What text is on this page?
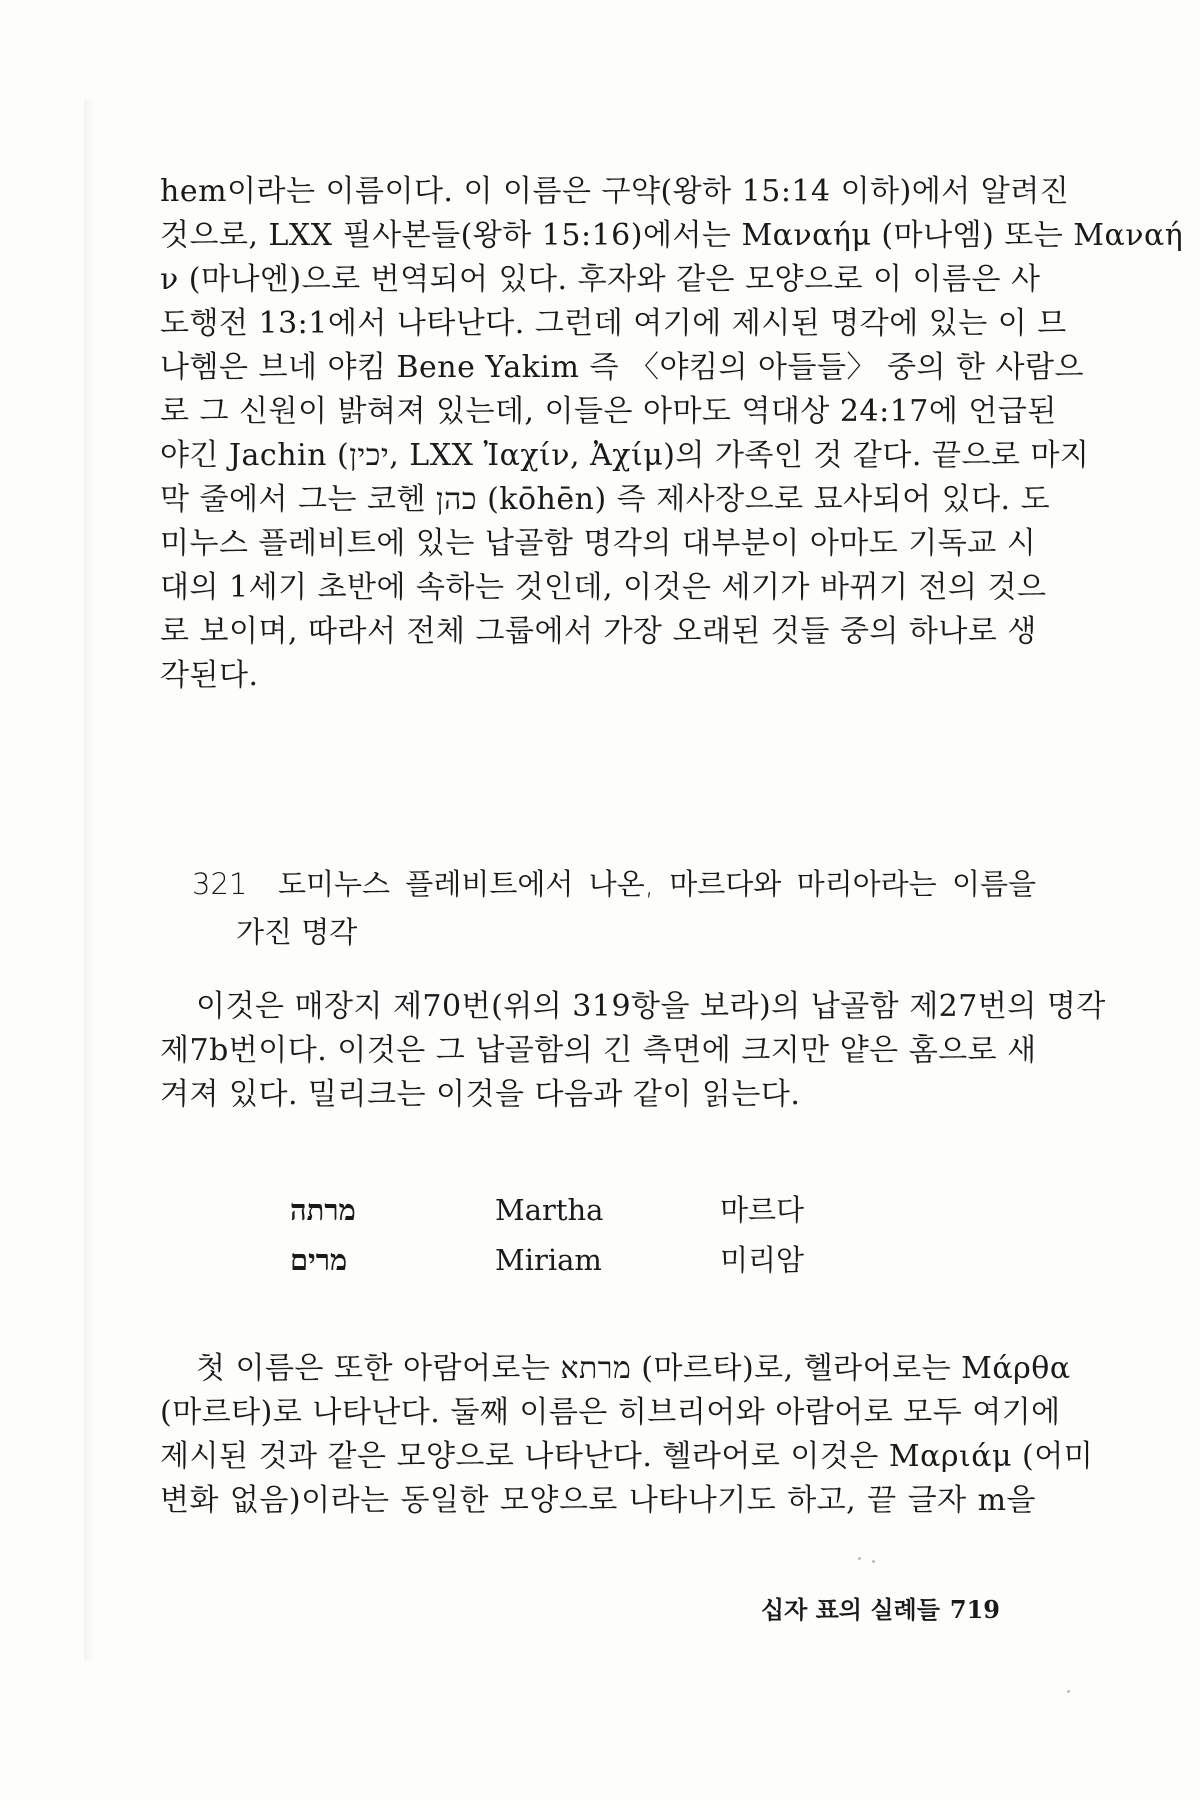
hem이라는 이름이다. 이 이름은 구약(왕하 15:14 이하)에서 알려진
것으로, LXX 필사본들(왕하 15:16)에서는 Μαναήμ (마나엠) 또는 Μαναή
ν (마나엔)으로 번역되어 있다. 후자와 같은 모양으로 이 이름은 사
도행전 13:1에서 나타난다. 그런데 여기에 제시된 명각에 있는 이 므
나헴은 브네 야킴 Bene Yakim 즉 〈야킴의 아들들〉 중의 한 사람으
로 그 신원이 밝혀져 있는데, 이들은 아마도 역대상 24:17에 언급된
야긴 Jachin (יכין, LXX Ἰαχίν, Ἀχίμ)의 가족인 것 같다. 끝으로 마지
막 줄에서 그는 코헨 כהן (kōhēn) 즉 제사장으로 묘사되어 있다. 도
미누스 플레비트에 있는 납골함 명각의 대부분이 아마도 기독교 시
대의 1세기 초반에 속하는 것인데, 이것은 세기가 바뀌기 전의 것으
로 보이며, 따라서 전체 그룹에서 가장 오래된 것들 중의 하나로 생
각된다.
321 도미누스 플레비트에서 나온, 마르다와 마리아라는 이름을
가진 명각
이것은 매장지 제70번(위의 319항을 보라)의 납골함 제27번의 명각
제7b번이다. 이것은 그 납골함의 긴 측면에 크지만 얕은 홈으로 새
겨져 있다. 밀리크는 이것을 다음과 같이 읽는다.
מרתה	Martha	마르다
מרים	Miriam	미리암
첫 이름은 또한 아람어로는 מרתא (마르타)로, 헬라어로는 Μάρθα
(마르타)로 나타난다. 둘째 이름은 히브리어와 아람어로 모두 여기에
제시된 것과 같은 모양으로 나타난다. 헬라어로 이것은 Μαριάμ (어미
변화 없음)이라는 동일한 모양으로 나타나기도 하고, 끝 글자 m을
십자 표의 실례들 719
